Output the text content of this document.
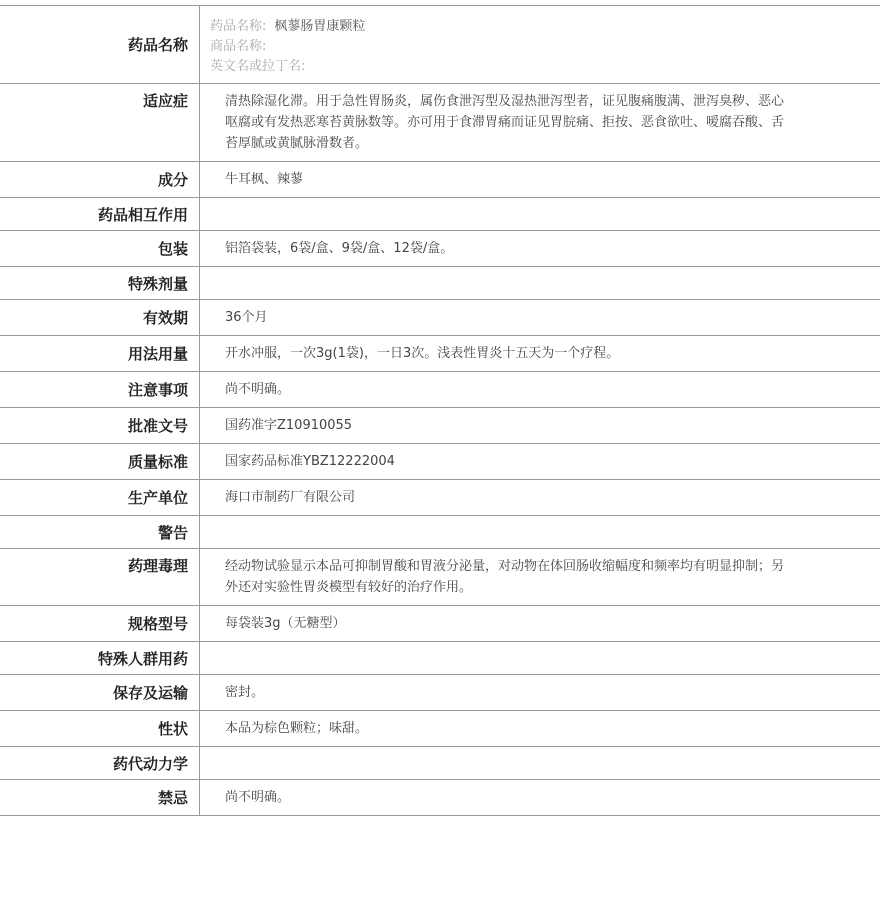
药品名称
药品名称: 枫蓼肠胃康颗粒
商品名称:
英文名或拉丁名:
适应症	清热除湿化滞。用于急性胃肠炎，属伤食泄泻型及湿热泄泻型者，证见腹痛腹满、泄泻臭秽、恶心呕腐或有发热恶寒苔黄脉数等。亦可用于食滞胃痛而证见胃脘痛、拒按、恶食欲吐、嗳腐吞酸、舌苔厚腻或黄腻脉滑数者。
成分	牛耳枫、辣蓼
药品相互作用
包装	铝箔袋装，6袋/盒、9袋/盒、12袋/盒。
特殊剂量
有效期	36个月
用法用量	开水冲服，一次3g(1袋)，一日3次。浅表性胃炎十五天为一个疗程。
注意事项	尚不明确。
批准文号	国药准字Z10910055
质量标准	国家药品标准YBZ12222004
生产单位	海口市制药厂有限公司
警告
药理毒理	经动物试验显示本品可抑制胃酸和胃液分泌量，对动物在体回肠收缩幅度和频率均有明显抑制；另外还对实验性胃炎模型有较好的治疗作用。
规格型号	每袋装3g（无糖型）
特殊人群用药
保存及运输	密封。
性状	本品为棕色颗粒；味甜。
药代动力学
禁忌	尚不明确。
